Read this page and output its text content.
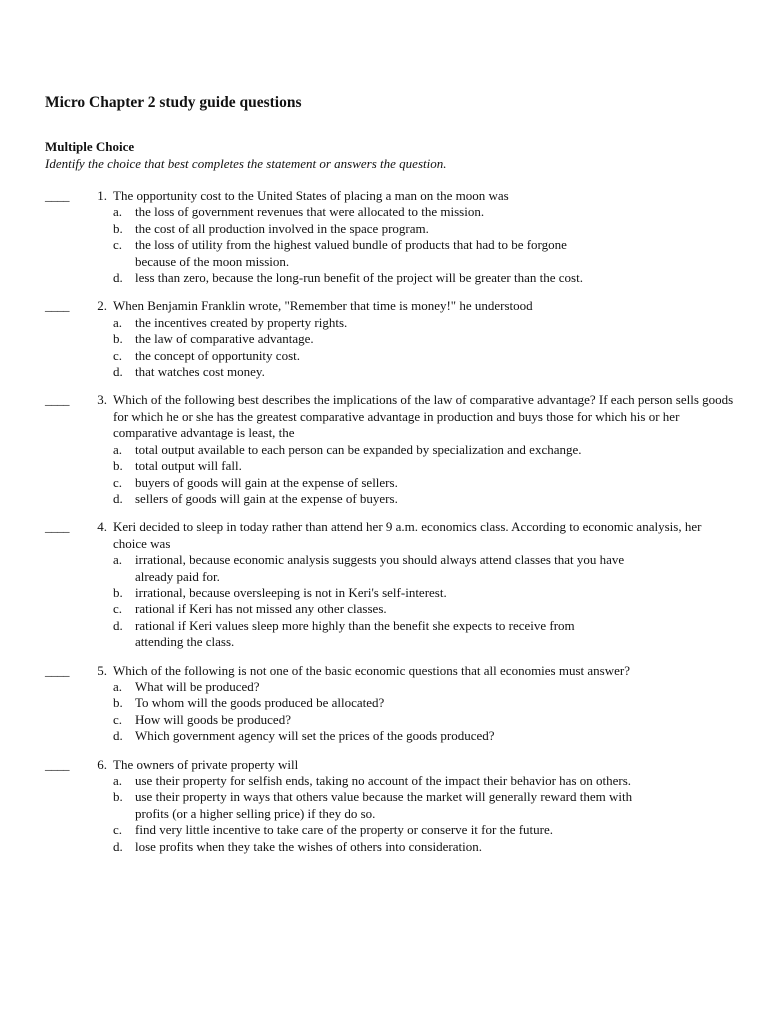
Micro Chapter 2 study guide questions
Multiple Choice

Identify the choice that best completes the statement or answers the question.

____	1. The opportunity cost to the United States of placing a man on the moon was

a. the loss of government revenues that were allocated to the mission.
b. the cost of all production involved in the space program.
c. the loss of utility from the highest valued bundle of products that had to be forgone because of the moon mission.
d. less than zero, because the long-run benefit of the project will be greater than the cost.
____	2. When Benjamin Franklin wrote, "Remember that time is money!" he understood

a. the incentives created by property rights.
b. the law of comparative advantage.
c. the concept of opportunity cost.
d. that watches cost money.
____	3. Which of the following best describes the implications of the law of comparative advantage? If each person sells goods for which he or she has the greatest comparative advantage in production and buys those for which his or her comparative advantage is least, the

a. total output available to each person can be expanded by specialization and exchange.
b. total output will fall.
c. buyers of goods will gain at the expense of sellers.
d. sellers of goods will gain at the expense of buyers.
____	4. Keri decided to sleep in today rather than attend her 9 a.m. economics class. According to economic analysis, her choice was

a. irrational, because economic analysis suggests you should always attend classes that you have already paid for.
b. irrational, because oversleeping is not in Keri's self-interest.
c. rational if Keri has not missed any other classes.
d. rational if Keri values sleep more highly than the benefit she expects to receive from attending the class.
____	5. Which of the following is not one of the basic economic questions that all economies must answer?

a. What will be produced?
b. To whom will the goods produced be allocated?
c. How will goods be produced?
d. Which government agency will set the prices of the goods produced?
____	6. The owners of private property will

a. use their property for selfish ends, taking no account of the impact their behavior has on others.
b. use their property in ways that others value because the market will generally reward them with profits (or a higher selling price) if they do so.
c. find very little incentive to take care of the property or conserve it for the future.
d. lose profits when they take the wishes of others into consideration.
